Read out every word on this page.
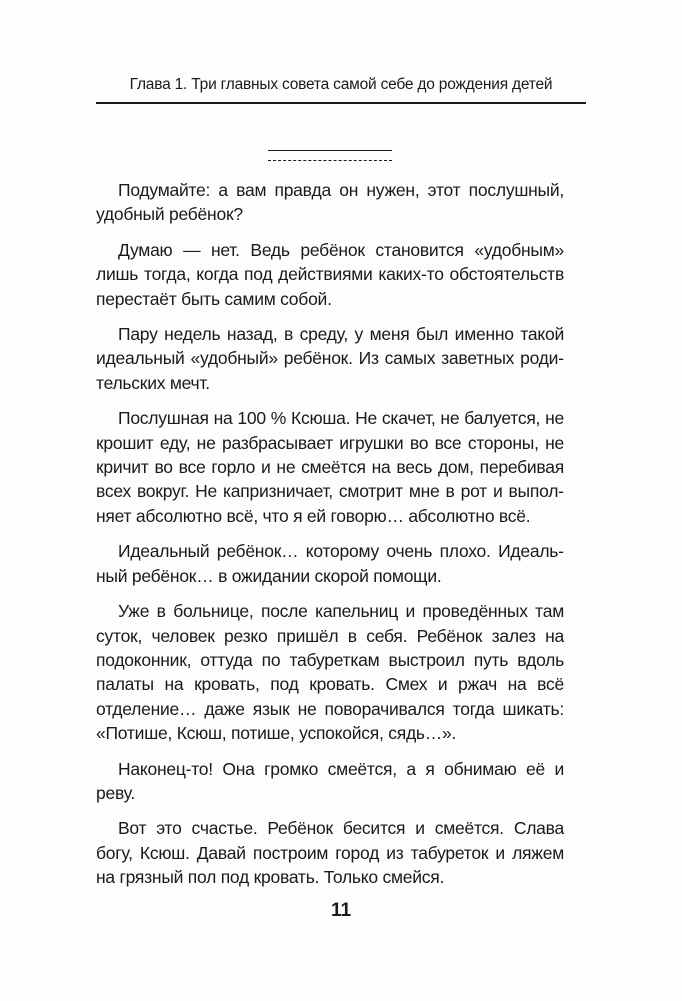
Глава 1. Три главных совета самой себе до рождения детей

Подумайте: а вам правда он нужен, этот послушный, удобный ребёнок?

Думаю — нет. Ведь ребёнок становится «удобным» лишь тогда, когда под действиями каких-то обстоятельств перестаёт быть самим собой.

Пару недель назад, в среду, у меня был именно такой идеальный «удобный» ребёнок. Из самых заветных родительских мечт.

Послушная на 100 % Ксюша. Не скачет, не балуется, не крошит еду, не разбрасывает игрушки во все стороны, не кричит во все горло и не смеётся на весь дом, перебивая всех вокруг. Не капризничает, смотрит мне в рот и выполняет абсолютно всё, что я ей говорю… абсолютно всё.

Идеальный ребёнок… которому очень плохо. Идеальный ребёнок… в ожидании скорой помощи.

Уже в больнице, после капельниц и проведённых там суток, человек резко пришёл в себя. Ребёнок залез на подоконник, оттуда по табуреткам выстроил путь вдоль палаты на кровать, под кровать. Смех и ржач на всё отделение… даже язык не поворачивался тогда шикать: «Потише, Ксюш, потише, успокойся, сядь…».

Наконец-то! Она громко смеётся, а я обнимаю её и реву.

Вот это счастье. Ребёнок бесится и смеётся. Слава богу, Ксюш. Давай построим город из табуреток и ляжем на грязный пол под кровать. Только смейся.

11
